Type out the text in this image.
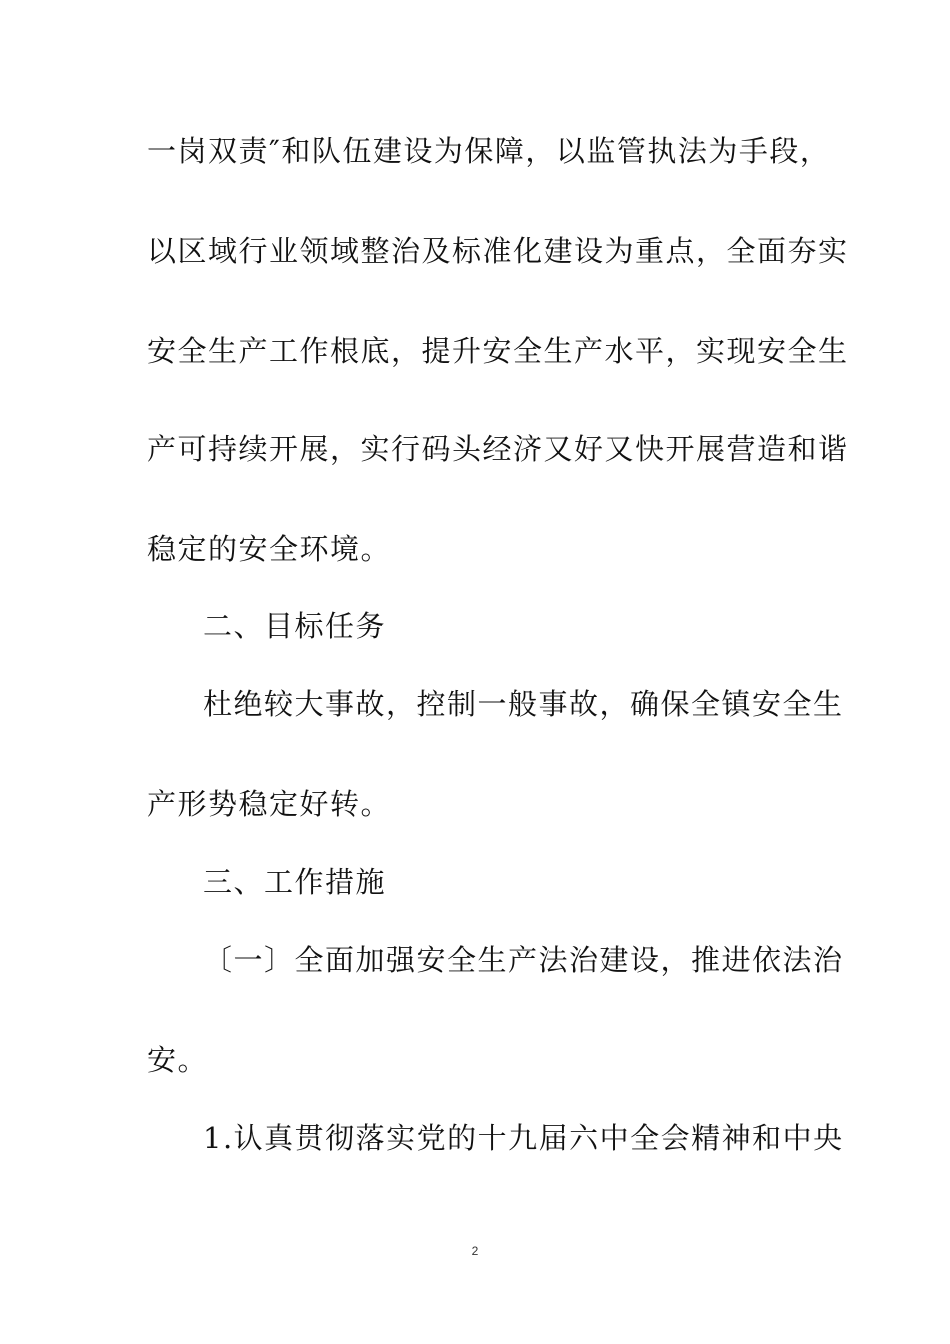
一岗双责″和队伍建设为保障，以监管执法为手段，
以区域行业领域整治及标准化建设为重点，全面夯实
安全生产工作根底，提升安全生产水平，实现安全生
产可持续开展，实行码头经济又好又快开展营造和谐
稳定的安全环境。
二、目标任务
杜绝较大事故，控制一般事故，确保全镇安全生
产形势稳定好转。
三、工作措施
〔一〕全面加强安全生产法治建设，推进依法治
安。
1.认真贯彻落实党的十九届六中全会精神和中央
2
